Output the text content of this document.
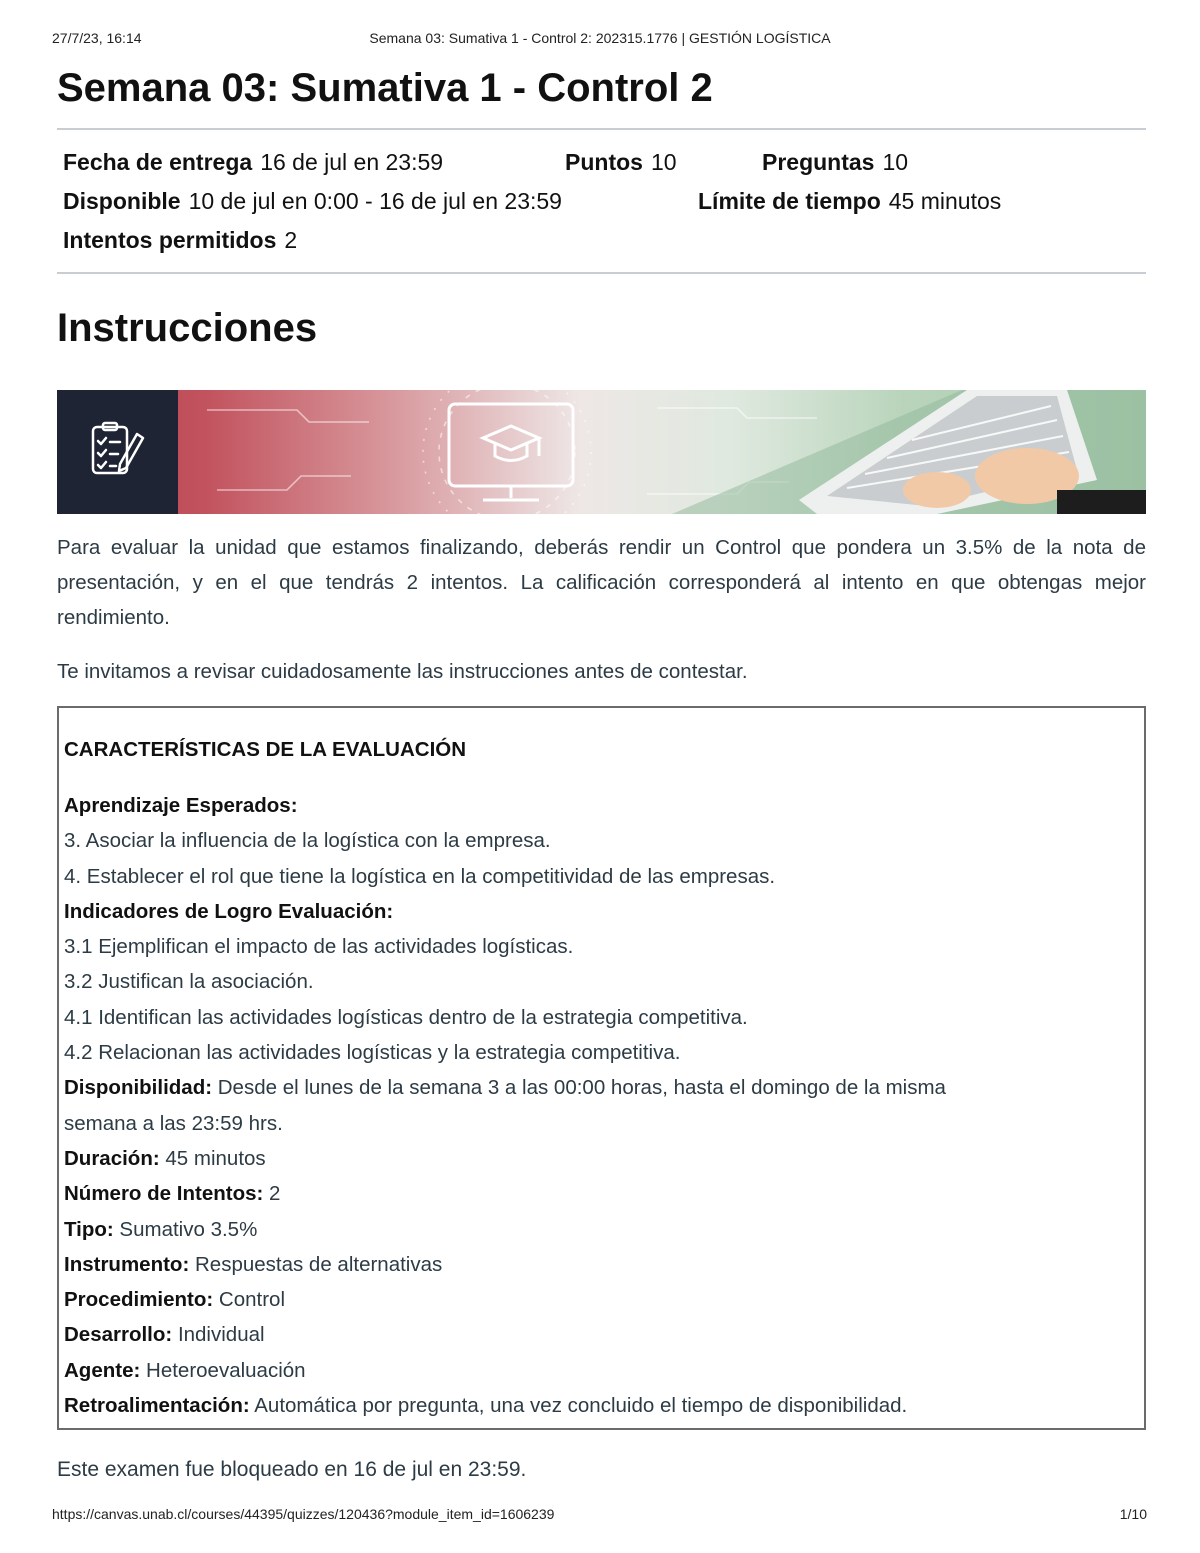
27/7/23, 16:14	Semana 03: Sumativa 1 - Control 2: 202315.1776 | GESTIÓN LOGÍSTICA
Semana 03: Sumativa 1 - Control 2
Fecha de entrega 16 de jul en 23:59	Puntos 10	Preguntas 10
Disponible 10 de jul en 0:00 - 16 de jul en 23:59	Límite de tiempo 45 minutos
Intentos permitidos 2
Instrucciones

Para evaluar la unidad que estamos finalizando, deberás rendir un Control que pondera un 3.5% de la nota de presentación, y en el que tendrás 2 intentos. La calificación corresponderá al intento en que obtengas mejor rendimiento.

Te invitamos a revisar cuidadosamente las instrucciones antes de contestar.

CARACTERÍSTICAS DE LA EVALUACIÓN
Aprendizaje Esperados:
3. Asociar la influencia de la logística con la empresa.
4. Establecer el rol que tiene la logística en la competitividad de las empresas.
Indicadores de Logro Evaluación:
3.1 Ejemplifican el impacto de las actividades logísticas.
3.2 Justifican la asociación.
4.1 Identifican las actividades logísticas dentro de la estrategia competitiva.
4.2 Relacionan las actividades logísticas y la estrategia competitiva.
Disponibilidad: Desde el lunes de la semana 3 a las 00:00 horas, hasta el domingo de la misma
semana a las 23:59 hrs.
Duración: 45 minutos
Número de Intentos: 2
Tipo: Sumativo 3.5%
Instrumento: Respuestas de alternativas
Procedimiento: Control
Desarrollo: Individual
Agente: Heteroevaluación
Retroalimentación: Automática por pregunta, una vez concluido el tiempo de disponibilidad.

Este examen fue bloqueado en 16 de jul en 23:59.

https://canvas.unab.cl/courses/44395/quizzes/120436?module_item_id=1606239	1/10
